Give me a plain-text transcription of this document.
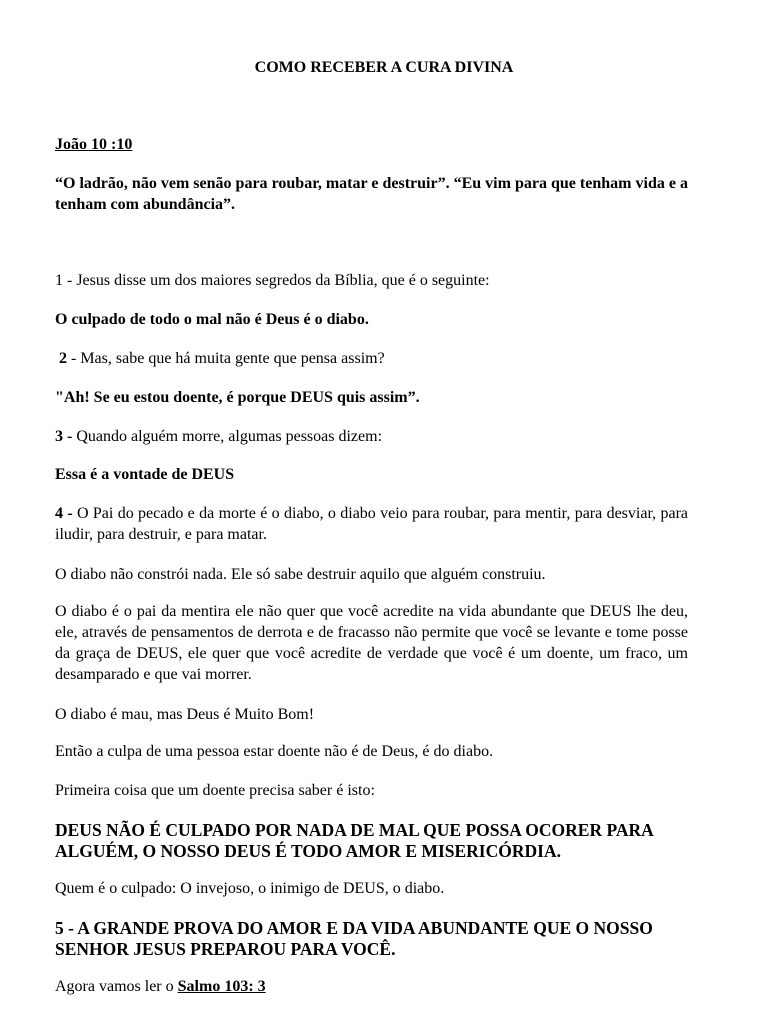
COMO RECEBER A CURA DIVINA
João 10 :10
“O ladrão, não vem senão para roubar, matar e destruir”. “Eu vim para que tenham vida e a tenham com abundância”.
1 - Jesus disse um dos maiores segredos da Bíblia, que é o seguinte:
O culpado de todo o mal não é Deus é o diabo.
2 - Mas, sabe que há muita gente que pensa assim?
"Ah! Se eu estou doente, é porque DEUS quis assim”.
3 - Quando alguém morre, algumas pessoas dizem:
Essa é a vontade de DEUS
4 - O Pai do pecado e da morte é o diabo, o diabo veio para roubar, para mentir, para desviar, para iludir, para destruir, e para matar.
O diabo não constrói nada. Ele só sabe destruir aquilo que alguém construiu.
O diabo é o pai da mentira ele não quer que você acredite na vida abundante que DEUS lhe deu, ele, através de pensamentos de derrota e de fracasso não permite que você se levante e tome posse da graça de DEUS, ele quer que você acredite de verdade que você é um doente, um fraco, um desamparado e que vai morrer.
O diabo é mau, mas Deus é Muito Bom!
Então a culpa de uma pessoa estar doente não é de Deus, é do diabo.
Primeira coisa que um doente precisa saber é isto:
DEUS NÃO É CULPADO POR NADA DE MAL QUE POSSA OCORER PARA ALGUÉM, O NOSSO DEUS É TODO AMOR E MISERICÓRDIA.
Quem é o culpado: O invejoso, o inimigo de DEUS, o diabo.
5 - A GRANDE PROVA DO AMOR E DA VIDA ABUNDANTE QUE O NOSSO SENHOR JESUS PREPAROU PARA VOCÊ.
Agora vamos ler o Salmo 103: 3
